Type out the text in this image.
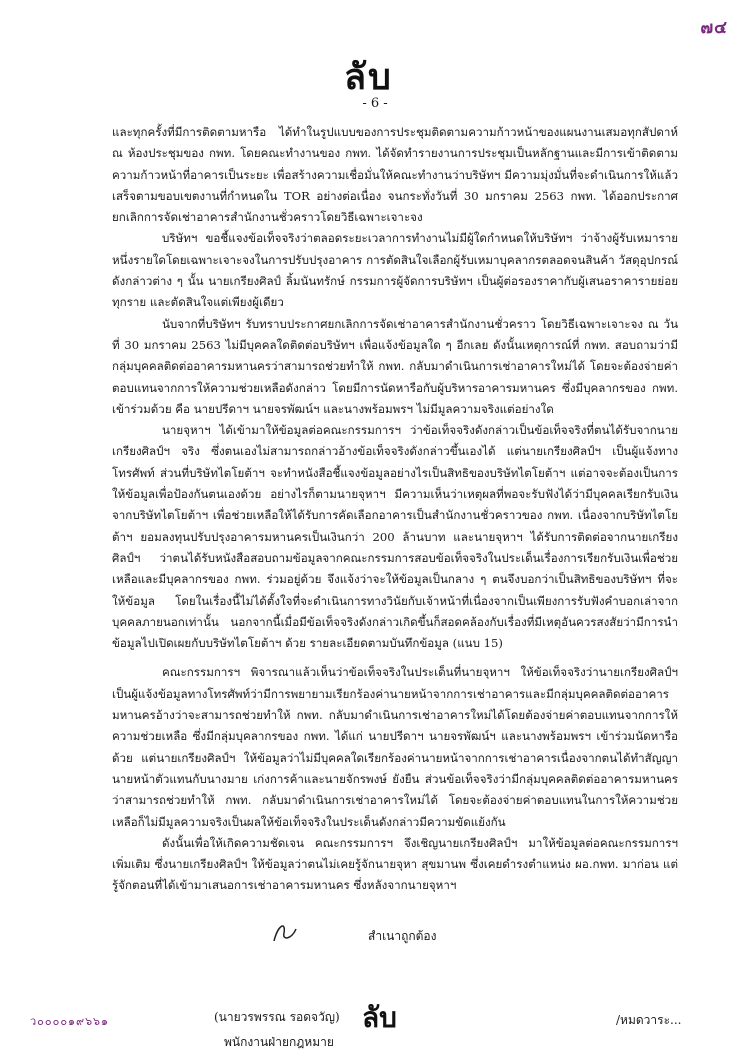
๗๔
ลับ
- 6 -

และทุกครั้งที่มีการติดตามหารือ ได้ทำในรูปแบบของการประชุมติดตามความก้าวหน้าของแผนงานเสมอทุกสัปดาห์ ณ ห้องประชุมของ กพท. โดยคณะทำงานของ กพท. ได้จัดทำรายงานการประชุมเป็นหลักฐานและมีการเข้าติดตามความก้าวหน้าที่อาคารเป็นระยะ เพื่อสร้างความเชื่อมั่นให้คณะทำงานว่าบริษัทฯ มีความมุ่งมั่นที่จะดำเนินการให้แล้วเสร็จตามขอบเขตงานที่กำหนดใน TOR อย่างต่อเนื่อง จนกระทั่งวันที่ 30 มกราคม 2563 กพท. ได้ออกประกาศยกเลิกการจัดเช่าอาคารสำนักงานชั่วคราวโดยวิธีเฉพาะเจาะจง

บริษัทฯ ขอชี้แจงข้อเท็จจริงว่าตลอดระยะเวลาการทำงานไม่มีผู้ใดกำหนดให้บริษัทฯ ว่าจ้างผู้รับเหมารายหนึ่งรายใดโดยเฉพาะเจาะจงในการปรับปรุงอาคาร การตัดสินใจเลือกผู้รับเหมาบุคลากรตลอดจนสินค้า วัสดุอุปกรณ์ดังกล่าวต่าง ๆ นั้น นายเกรียงศิลป์ ลิ้มนันทรักษ์ กรรมการผู้จัดการบริษัทฯ เป็นผู้ต่อรองราคากับผู้เสนอราคารายย่อยทุกราย และตัดสินใจแต่เพียงผู้เดียว

นับจากที่บริษัทฯ รับทราบประกาศยกเลิกการจัดเช่าอาคารสำนักงานชั่วคราว โดยวิธีเฉพาะเจาะจง ณ วันที่ 30 มกราคม 2563 ไม่มีบุคคลใดติดต่อบริษัทฯ เพื่อแจ้งข้อมูลใด ๆ อีกเลย ดังนั้นเหตุการณ์ที่ กพท. สอบถามว่ามีกลุ่มบุคคลติดต่ออาคารมหานครว่าสามารถช่วยทำให้ กพท. กลับมาดำเนินการเช่าอาคารใหม่ได้ โดยจะต้องจ่ายค่าตอบแทนจากการให้ความช่วยเหลือดังกล่าว โดยมีการนัดหารือกับผู้บริหารอาคารมหานคร ซึ่งมีบุคลากรของ กพท. เข้าร่วมด้วย คือ นายปรีดาฯ นายจรพัฒน์ฯ และนางพร้อมพรฯ ไม่มีมูลความจริงแต่อย่างใด

นายจุหาฯ ได้เข้ามาให้ข้อมูลต่อคณะกรรมการฯ ว่าข้อเท็จจริงดังกล่าวเป็นข้อเท็จจริงที่ตนได้รับจากนายเกรียงศิลป์ฯ จริง ซึ่งตนเองไม่สามารถกล่าวอ้างข้อเท็จจริงดังกล่าวขึ้นเองได้ แต่นายเกรียงศิลป์ฯ เป็นผู้แจ้งทางโทรศัพท์ ส่วนที่บริษัทไตโยต้าฯ จะทำหนังสือชี้แจงข้อมูลอย่างไรเป็นสิทธิของบริษัทไตโยต้าฯ แต่อาจจะต้องเป็นการให้ข้อมูลเพื่อป้องกันตนเองด้วย อย่างไรก็ตามนายจุหาฯ มีความเห็นว่าเหตุผลที่พอจะรับฟังได้ว่ามีบุคคลเรียกรับเงินจากบริษัทไตโยต้าฯ เพื่อช่วยเหลือให้ได้รับการคัดเลือกอาคารเป็นสำนักงานชั่วคราวของ กพท. เนื่องจากบริษัทไตโยต้าฯ ยอมลงทุนปรับปรุงอาคารมหานครเป็นเงินกว่า 200 ล้านบาท และนายจุหาฯ ได้รับการติดต่อจากนายเกรียงศิลป์ฯ ว่าตนได้รับหนังสือสอบถามข้อมูลจากคณะกรรมการสอบข้อเท็จจริงในประเด็นเรื่องการเรียกรับเงินเพื่อช่วยเหลือและมีบุคลากรของ กพท. ร่วมอยู่ด้วย จึงแจ้งว่าจะให้ข้อมูลเป็นกลาง ๆ ตนจึงบอกว่าเป็นสิทธิของบริษัทฯ ที่จะให้ข้อมูล โดยในเรื่องนี้ไม่ได้ตั้งใจที่จะดำเนินการทางวินัยกับเจ้าหน้าที่เนื่องจากเป็นเพียงการรับฟังคำบอกเล่าจากบุคคลภายนอกเท่านั้น นอกจากนี้เมื่อมีข้อเท็จจริงดังกล่าวเกิดขึ้นก็สอดคล้องกับเรื่องที่มีเหตุอันควรสงสัยว่ามีการนำข้อมูลไปเปิดเผยกับบริษัทไตโยต้าฯ ด้วย รายละเอียดตามบันทึกข้อมูล (แนบ 15)

คณะกรรมการฯ พิจารณาแล้วเห็นว่าข้อเท็จจริงในประเด็นที่นายจุหาฯ ให้ข้อเท็จจริงว่านายเกรียงศิลป์ฯ เป็นผู้แจ้งข้อมูลทางโทรศัพท์ว่ามีการพยายามเรียกร้องค่านายหน้าจากการเช่าอาคารและมีกลุ่มบุคคลติดต่ออาคารมหานครอ้างว่าจะสามารถช่วยทำให้ กพท. กลับมาดำเนินการเช่าอาคารใหม่ได้โดยต้องจ่ายค่าตอบแทนจากการให้ความช่วยเหลือ ซึ่งมีกลุ่มบุคลากรของ กพท. ได้แก่ นายปรีดาฯ นายจรพัฒน์ฯ และนางพร้อมพรฯ เข้าร่วมนัดหารือด้วย แต่นายเกรียงศิลป์ฯ ให้ข้อมูลว่าไม่มีบุคคลใดเรียกร้องค่านายหน้าจากการเช่าอาคารเนื่องจากตนได้ทำสัญญานายหน้าตัวแทนกับนางมาย เก่งการค้าและนายจักรพงษ์ ยังยืน ส่วนข้อเท็จจริงว่ามีกลุ่มบุคคลติดต่ออาคารมหานครว่าสามารถช่วยทำให้ กพท. กลับมาดำเนินการเช่าอาคารใหม่ได้ โดยจะต้องจ่ายค่าตอบแทนในการให้ความช่วยเหลือก็ไม่มีมูลความจริงเป็นผลให้ข้อเท็จจริงในประเด็นดังกล่าวมีความขัดแย้งกัน

ดังนั้นเพื่อให้เกิดความชัดเจน คณะกรรมการฯ จึงเชิญนายเกรียงศิลป์ฯ มาให้ข้อมูลต่อคณะกรรมการฯ เพิ่มเติม ซึ่งนายเกรียงศิลป์ฯ ให้ข้อมูลว่าตนไม่เคยรู้จักนายจุหา สุขมานพ ซึ่งเคยดำรงตำแหน่ง ผอ.กพท. มาก่อน แต่รู้จักตอนที่ได้เข้ามาเสนอการเช่าอาคารมหานคร ซึ่งหลังจากนายจุหาฯ

สำเนาถูกต้อง
(นายวรพรรณ รอดจวัญ) ลับ
พนักงานฝ่ายกฎหมาย
/หมดวาระ...
ว๐๐๐๐๑๙๖๖๑
